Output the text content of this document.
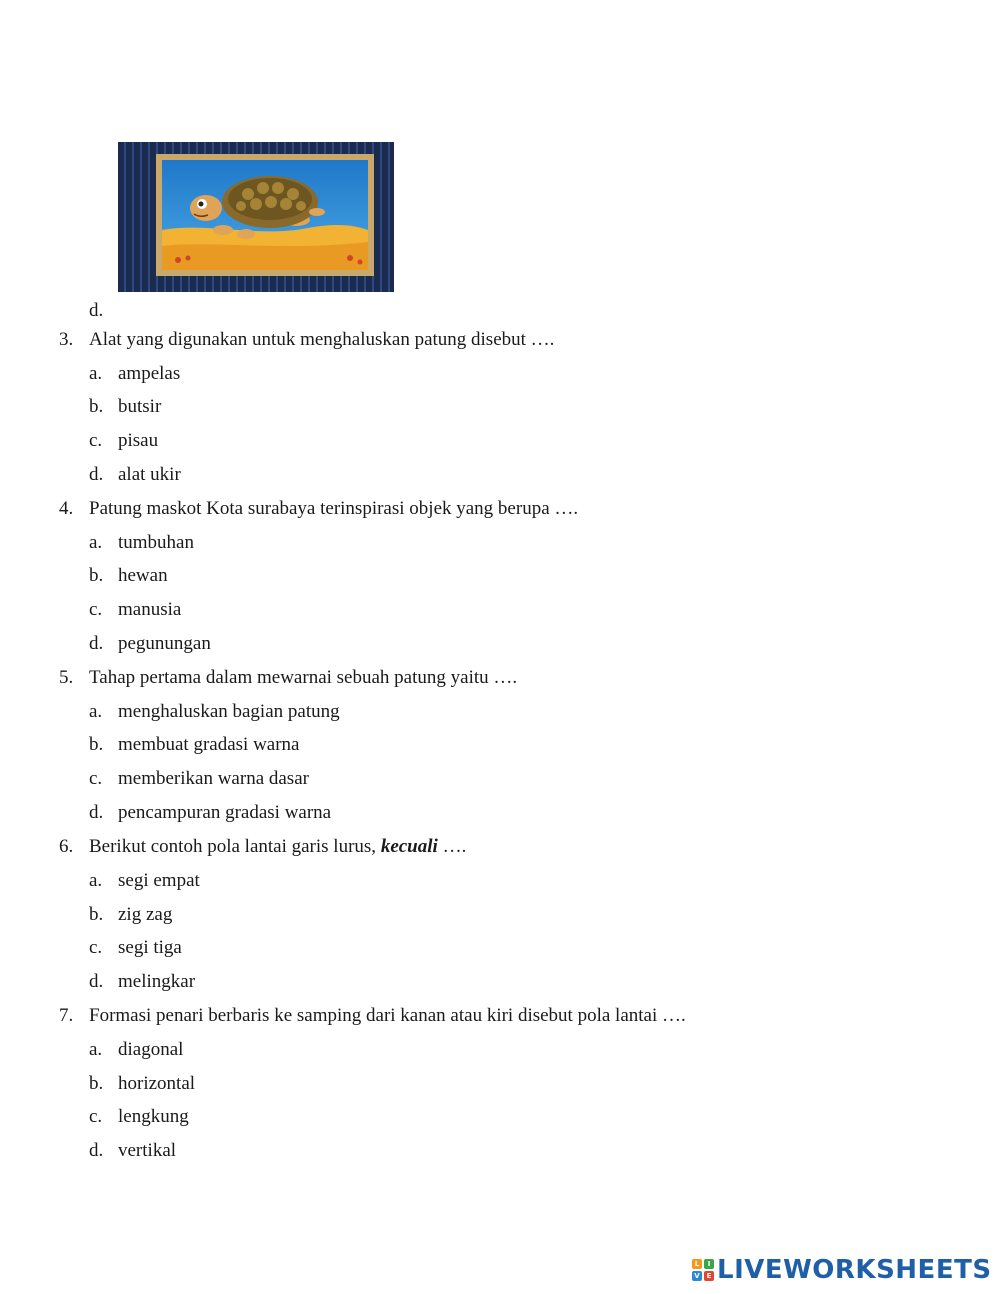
d.
3. Alat yang digunakan untuk menghaluskan patung disebut ….
a. ampelas
b. butsir
c. pisau
d. alat ukir
4. Patung maskot Kota surabaya terinspirasi objek yang berupa ….
a. tumbuhan
b. hewan
c. manusia
d. pegunungan
5. Tahap pertama dalam mewarnai sebuah patung yaitu ….
a. menghaluskan bagian patung
b. membuat gradasi warna
c. memberikan warna dasar
d. pencampuran gradasi warna
6. Berikut contoh pola lantai garis lurus, kecuali ….
a. segi empat
b. zig zag
c. segi tiga
d. melingkar
7. Formasi penari berbaris ke samping dari kanan atau kiri disebut pola lantai ….
a. diagonal
b. horizontal
c. lengkung
d. vertikal
L	I
V E LIVEWORKSHEETS
